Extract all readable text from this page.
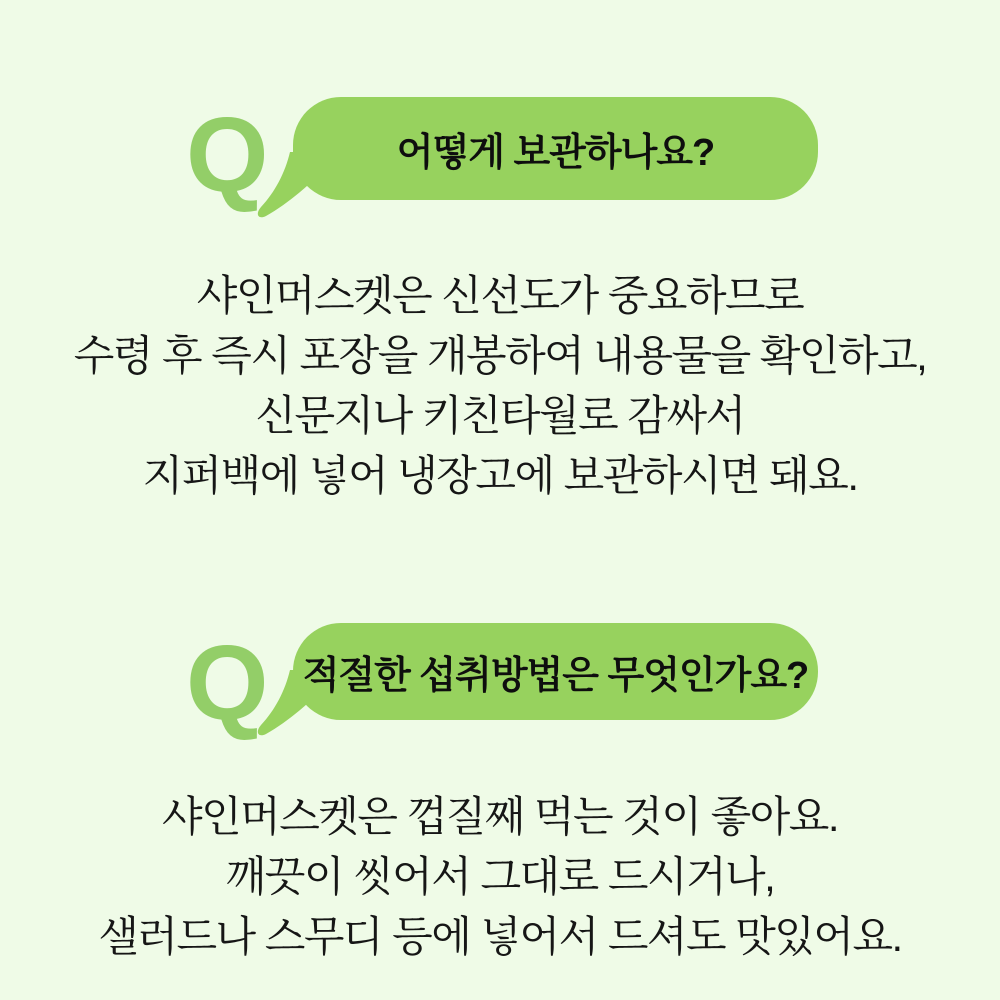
Q	어떻게 보관하나요?
샤인머스켓은 신선도가 중요하므로
수령 후 즉시 포장을 개봉하여 내용물을 확인하고,
신문지나 키친타월로 감싸서
지퍼백에 넣어 냉장고에 보관하시면 돼요.
Q 적절한 섭취방법은 무엇인가요?
샤인머스켓은 껍질째 먹는 것이 좋아요.
깨끗이 씻어서 그대로 드시거나,
샐러드나 스무디 등에 넣어서 드셔도 맛있어요.
